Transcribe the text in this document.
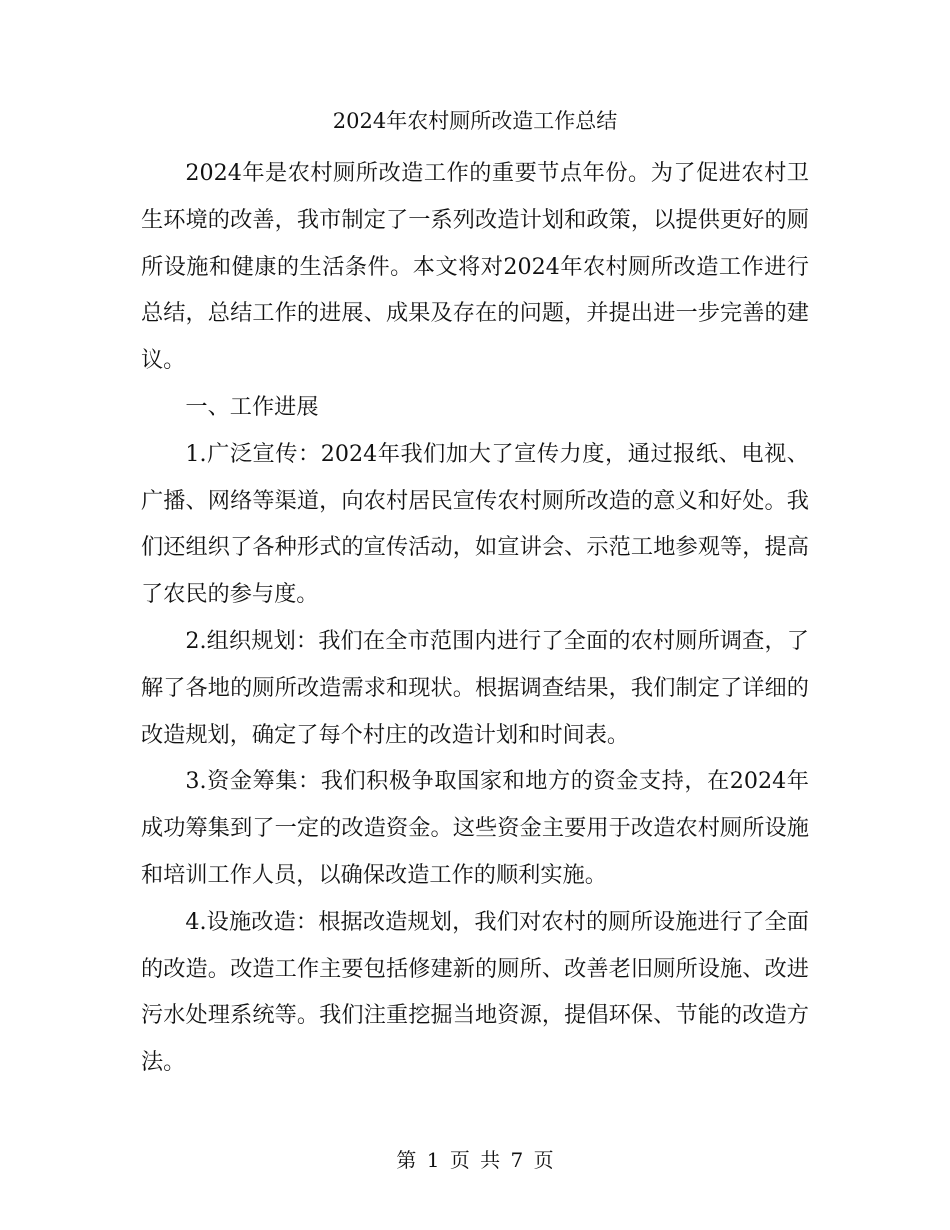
2024年农村厕所改造工作总结

2024年是农村厕所改造工作的重要节点年份。为了促进农村卫生环境的改善，我市制定了一系列改造计划和政策，以提供更好的厕所设施和健康的生活条件。本文将对2024年农村厕所改造工作进行总结，总结工作的进展、成果及存在的问题，并提出进一步完善的建议。

一、工作进展

1.广泛宣传：2024年我们加大了宣传力度，通过报纸、电视、广播、网络等渠道，向农村居民宣传农村厕所改造的意义和好处。我们还组织了各种形式的宣传活动，如宣讲会、示范工地参观等，提高了农民的参与度。

2.组织规划：我们在全市范围内进行了全面的农村厕所调查，了解了各地的厕所改造需求和现状。根据调查结果，我们制定了详细的改造规划，确定了每个村庄的改造计划和时间表。

3.资金筹集：我们积极争取国家和地方的资金支持，在2024年成功筹集到了一定的改造资金。这些资金主要用于改造农村厕所设施和培训工作人员，以确保改造工作的顺利实施。

4.设施改造：根据改造规划，我们对农村的厕所设施进行了全面的改造。改造工作主要包括修建新的厕所、改善老旧厕所设施、改进污水处理系统等。我们注重挖掘当地资源，提倡环保、节能的改造方法。

第 1 页 共 7 页
